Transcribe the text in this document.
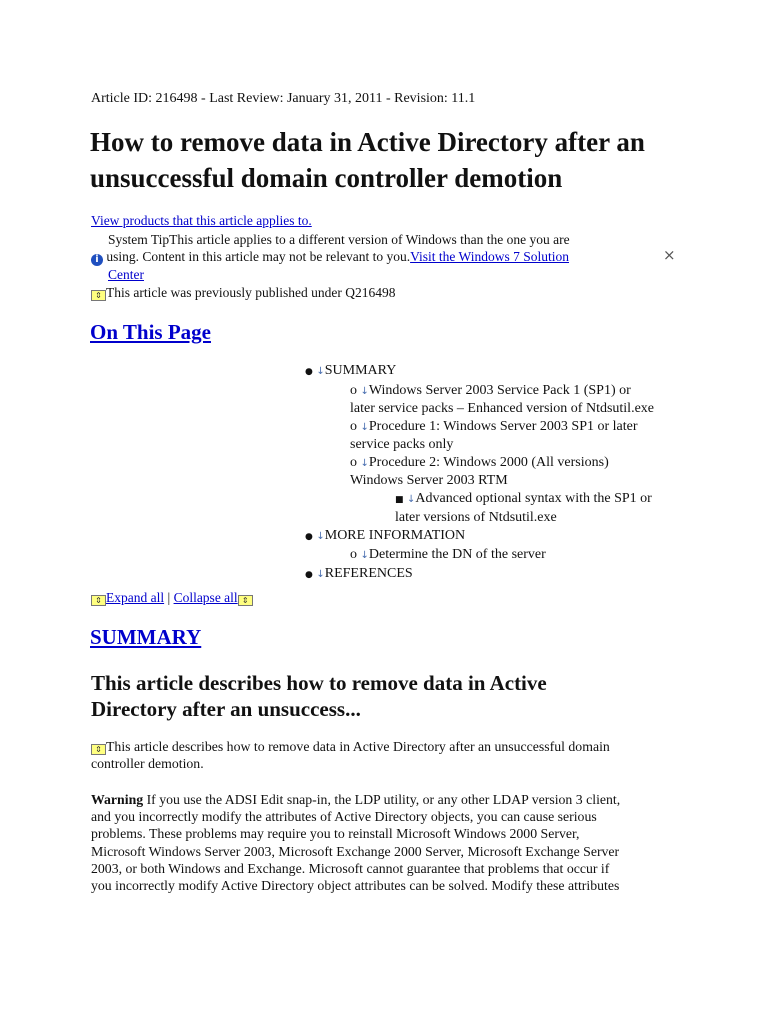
Article ID: 216498 - Last Review: January 31, 2011 - Revision: 11.1
How to remove data in Active Directory after an unsuccessful domain controller demotion
View products that this article applies to.
System TipThis article applies to a different version of Windows than the one you are
i using. Content in this article may not be relevant to you.Visit the Windows 7 Solution
Center
×
⇕ This article was previously published under Q216498
On This Page
● ↓SUMMARY
o ↓Windows Server 2003 Service Pack 1 (SP1) or
later service packs – Enhanced version of Ntdsutil.exe
o ↓Procedure 1: Windows Server 2003 SP1 or later
service packs only
o ↓Procedure 2: Windows 2000 (All versions)
Windows Server 2003 RTM
■ ↓Advanced optional syntax with the SP1 or
later versions of Ntdsutil.exe
● ↓MORE INFORMATION
o ↓Determine the DN of the server
● ↓REFERENCES
⇕ Expand all | Collapse all ⇕
SUMMARY
This article describes how to remove data in Active
Directory after an unsuccess...
⇕ This article describes how to remove data in Active Directory after an unsuccessful domain
controller demotion.
Warning If you use the ADSI Edit snap-in, the LDP utility, or any other LDAP version 3 client,
and you incorrectly modify the attributes of Active Directory objects, you can cause serious
problems. These problems may require you to reinstall Microsoft Windows 2000 Server,
Microsoft Windows Server 2003, Microsoft Exchange 2000 Server, Microsoft Exchange Server
2003, or both Windows and Exchange. Microsoft cannot guarantee that problems that occur if
you incorrectly modify Active Directory object attributes can be solved. Modify these attributes
